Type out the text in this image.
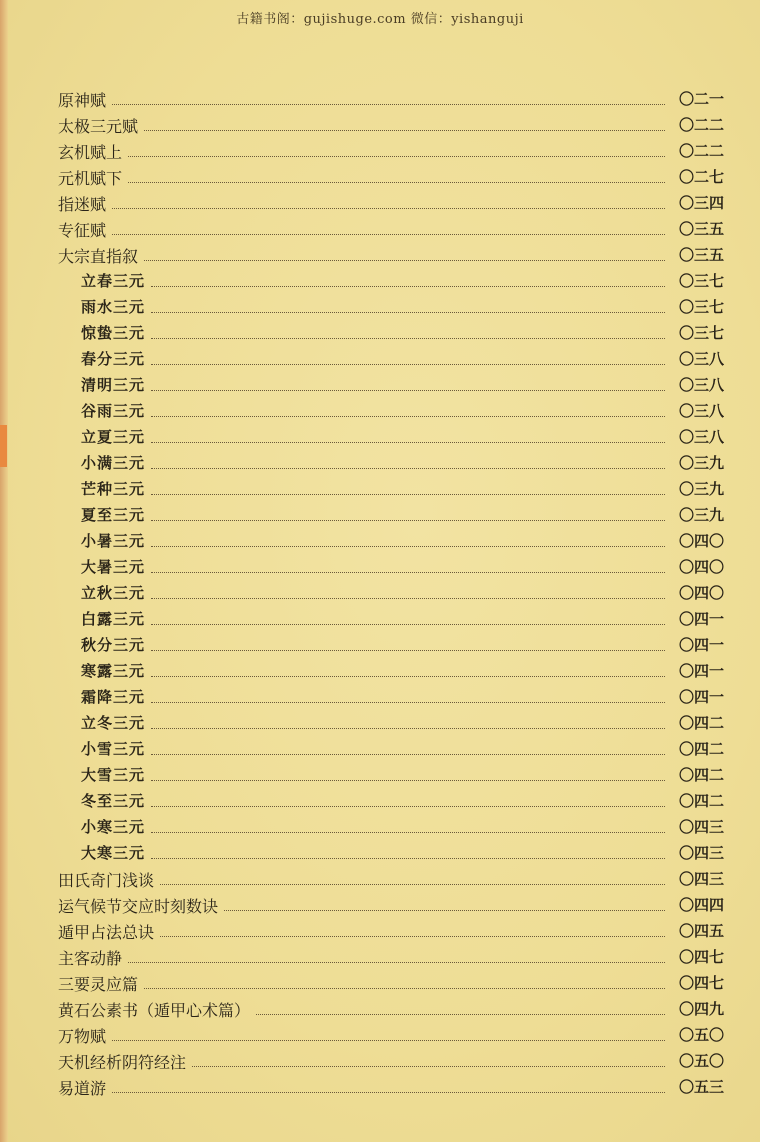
古籍书阁：gujishuge.com 微信：yishanguji
原神赋	〇二一
太极三元赋	〇二二
玄机赋上	〇二二
元机赋下	〇二七
指迷赋	〇三四
专征赋	〇三五
大宗直指叙	〇三五
立春三元	〇三七
雨水三元	〇三七
惊蛰三元	〇三七
春分三元	〇三八
清明三元	〇三八
谷雨三元	〇三八
立夏三元	〇三八
小满三元	〇三九
芒种三元	〇三九
夏至三元	〇三九
小暑三元	〇四〇
大暑三元	〇四〇
立秋三元	〇四〇
白露三元	〇四一
秋分三元	〇四一
寒露三元	〇四一
霜降三元	〇四一
立冬三元	〇四二
小雪三元	〇四二
大雪三元	〇四二
冬至三元	〇四二
小寒三元	〇四三
大寒三元	〇四三
田氏奇门浅谈	〇四三
运气候节交应时刻数诀	〇四四
遁甲占法总诀	〇四五
主客动静	〇四七
三要灵应篇	〇四七
黄石公素书（遁甲心术篇）	〇四九
万物赋	〇五〇
天机经析阴符经注	〇五〇
易道游	〇五三
